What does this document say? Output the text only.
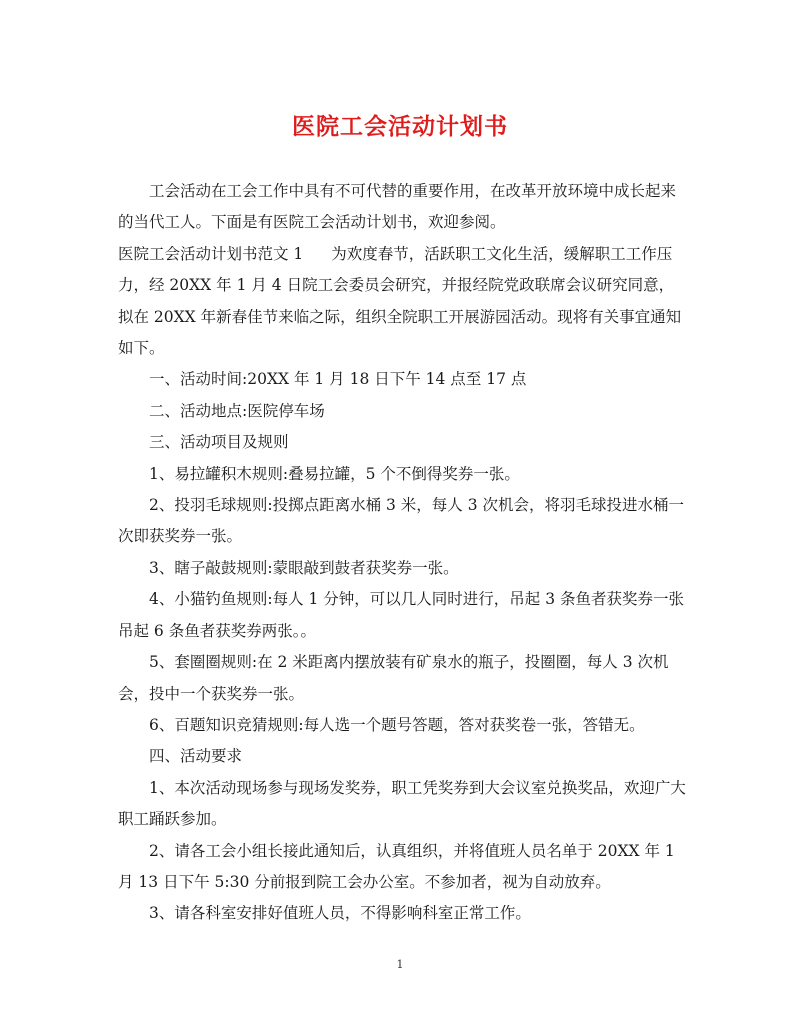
医院工会活动计划书

工会活动在工会工作中具有不可代替的重要作用，在改革开放环境中成长起来的当代工人。下面是有医院工会活动计划书，欢迎参阅。

医院工会活动计划书范文 1 为欢度春节，活跃职工文化生活，缓解职工工作压力，经 20XX 年 1 月 4 日院工会委员会研究，并报经院党政联席会议研究同意，拟在 20XX 年新春佳节来临之际，组织全院职工开展游园活动。现将有关事宜通知如下。

一、活动时间:20XX 年 1 月 18 日下午 14 点至 17 点

二、活动地点:医院停车场

三、活动项目及规则

1、易拉罐积木规则:叠易拉罐，5 个不倒得奖券一张。

2、投羽毛球规则:投掷点距离水桶 3 米，每人 3 次机会，将羽毛球投进水桶一次即获奖券一张。

3、瞎子敲鼓规则:蒙眼敲到鼓者获奖券一张。

4、小猫钓鱼规则:每人 1 分钟，可以几人同时进行，吊起 3 条鱼者获奖券一张吊起 6 条鱼者获奖券两张。。

5、套圈圈规则:在 2 米距离内摆放装有矿泉水的瓶子，投圈圈，每人 3 次机会，投中一个获奖券一张。

6、百题知识竞猜规则:每人选一个题号答题，答对获奖卷一张，答错无。

四、活动要求

1、本次活动现场参与现场发奖券，职工凭奖券到大会议室兑换奖品，欢迎广大职工踊跃参加。

2、请各工会小组长接此通知后，认真组织，并将值班人员名单于 20XX 年 1 月 13 日下午 5:30 分前报到院工会办公室。不参加者，视为自动放弃。

3、请各科室安排好值班人员，不得影响科室正常工作。

1
